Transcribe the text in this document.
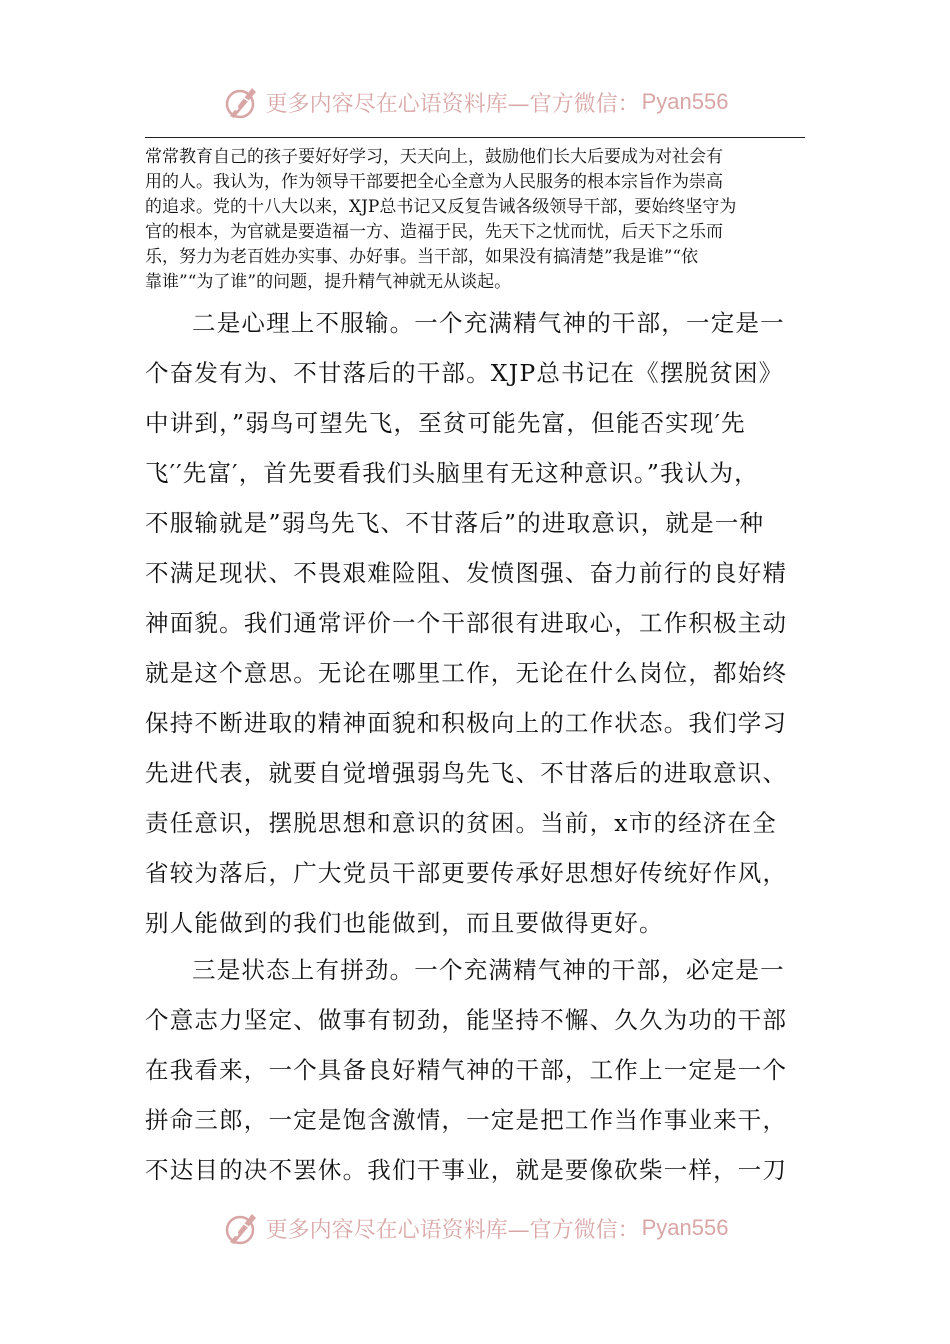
更多内容尽在心语资料库—官方微信： Pyan556
常常教育自己的孩子要好好学习，天天向上，鼓励他们长大后要成为对社会有
用的人。我认为，作为领导干部要把全心全意为人民服务的根本宗旨作为崇高
的追求。党的十八大以来，XJP总书记又反复告诫各级领导干部，要始终坚守为
官的根本，为官就是要造福一方、造福于民，先天下之忧而忧，后天下之乐而
乐，努力为老百姓办实事、办好事。当干部，如果没有搞清楚”我是谁”“依
靠谁”“为了谁”的问题，提升精气神就无从谈起。
二是心理上不服输。一个充满精气神的干部，一定是一
个奋发有为、不甘落后的干部。XJP总书记在《摆脱贫困》
中讲到，”弱鸟可望先飞，至贫可能先富，但能否实现′先
飞′′先富′，首先要看我们头脑里有无这种意识。”我认为，
不服输就是”弱鸟先飞、不甘落后”的进取意识，就是一种
不满足现状、不畏艰难险阻、发愤图强、奋力前行的良好精
神面貌。我们通常评价一个干部很有进取心，工作积极主动
就是这个意思。无论在哪里工作，无论在什么岗位，都始终
保持不断进取的精神面貌和积极向上的工作状态。我们学习
先进代表，就要自觉增强弱鸟先飞、不甘落后的进取意识、
责任意识，摆脱思想和意识的贫困。当前，x市的经济在全
省较为落后，广大党员干部更要传承好思想好传统好作风，
别人能做到的我们也能做到，而且要做得更好。
三是状态上有拼劲。一个充满精气神的干部，必定是一
个意志力坚定、做事有韧劲，能坚持不懈、久久为功的干部
在我看来，一个具备良好精气神的干部，工作上一定是一个
拼命三郎，一定是饱含激情，一定是把工作当作事业来干，
不达目的决不罢休。我们干事业，就是要像砍柴一样，一刀
更多内容尽在心语资料库—官方微信： Pyan556
